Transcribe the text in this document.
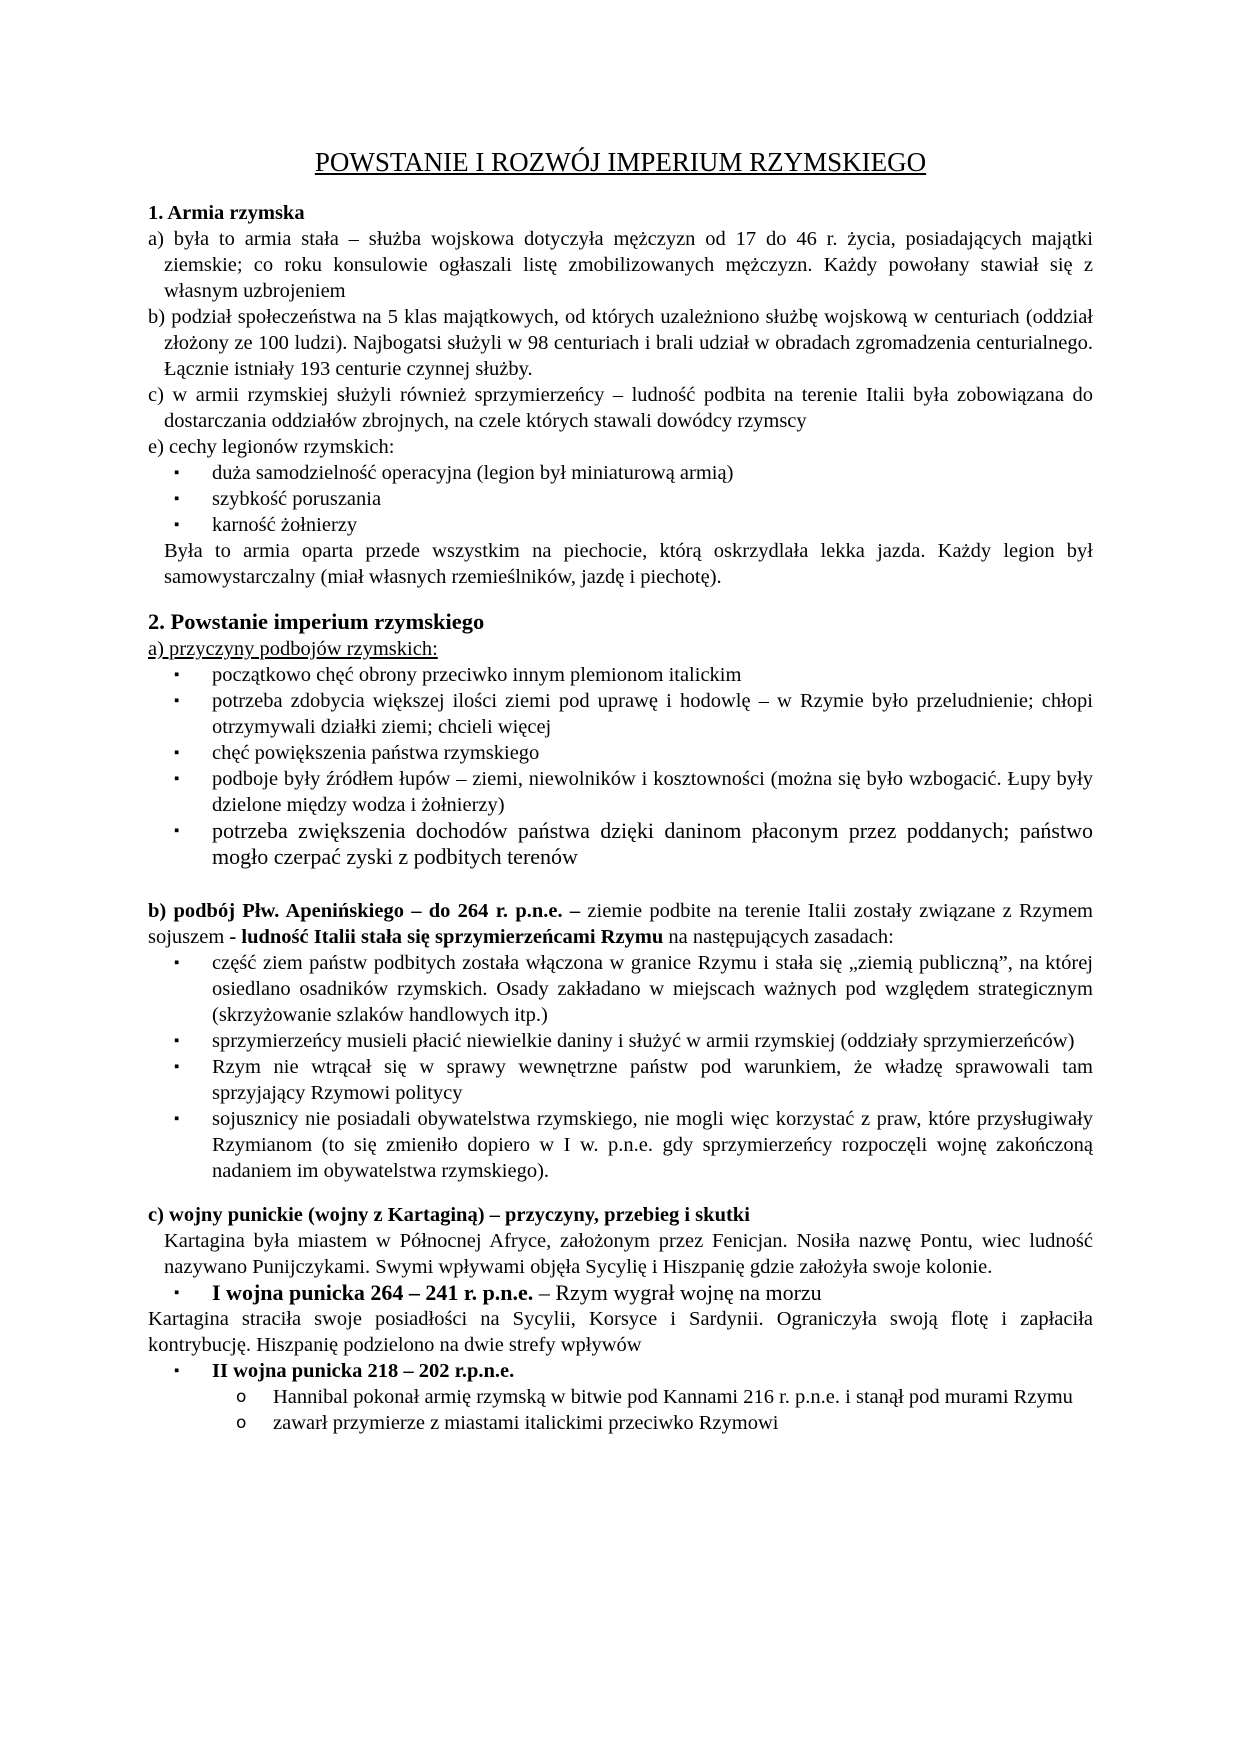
POWSTANIE I ROZWÓJ IMPERIUM RZYMSKIEGO

1. Armia rzymska

a) była to armia stała – służba wojskowa dotyczyła mężczyzn od 17 do 46 r. życia, posiadających majątki ziemskie; co roku konsulowie ogłaszali listę zmobilizowanych mężczyzn. Każdy powołany stawiał się z własnym uzbrojeniem

b) podział społeczeństwa na 5 klas majątkowych, od których uzależniono służbę wojskową w centuriach (oddział złożony ze 100 ludzi). Najbogatsi służyli w 98 centuriach i brali udział w obradach zgromadzenia centurialnego. Łącznie istniały 193 centurie czynnej służby.

c) w armii rzymskiej służyli również sprzymierzeńcy – ludność podbita na terenie Italii była zobowiązana do dostarczania oddziałów zbrojnych, na czele których stawali dowódcy rzymscy

e) cechy legionów rzymskich:

▪ duża samodzielność operacyjna (legion był miniaturową armią)
▪ szybkość poruszania
▪ karność żołnierzy

Była to armia oparta przede wszystkim na piechocie, którą oskrzydlała lekka jazda. Każdy legion był samowystarczalny (miał własnych rzemieślników, jazdę i piechotę).

2. Powstanie imperium rzymskiego

a) przyczyny podbojów rzymskich:

▪ początkowo chęć obrony przeciwko innym plemionom italickim
▪ potrzeba zdobycia większej ilości ziemi pod uprawę i hodowlę – w Rzymie było przeludnienie; chłopi otrzymywali działki ziemi; chcieli więcej
▪ chęć powiększenia państwa rzymskiego
▪ podboje były źródłem łupów – ziemi, niewolników i kosztowności (można się było wzbogacić. Łupy były dzielone między wodza i żołnierzy)
▪ potrzeba zwiększenia dochodów państwa dzięki daninom płaconym przez poddanych; państwo mogło czerpać zyski z podbitych terenów

b) podbój Płw. Apenińskiego – do 264 r. p.n.e. – ziemie podbite na terenie Italii zostały związane z Rzymem sojuszem - ludność Italii stała się sprzymierzeńcami Rzymu na następujących zasadach:

▪ część ziem państw podbitych została włączona w granice Rzymu i stała się „ziemią publiczną”, na której osiedlano osadników rzymskich. Osady zakładano w miejscach ważnych pod względem strategicznym (skrzyżowanie szlaków handlowych itp.)
▪ sprzymierzeńcy musieli płacić niewielkie daniny i służyć w armii rzymskiej (oddziały sprzymierzeńców)
▪ Rzym nie wtrącał się w sprawy wewnętrzne państw pod warunkiem, że władzę sprawowali tam sprzyjający Rzymowi politycy
▪ sojusznicy nie posiadali obywatelstwa rzymskiego, nie mogli więc korzystać z praw, które przysługiwały Rzymianom (to się zmieniło dopiero w I w. p.n.e. gdy sprzymierzeńcy rozpoczęli wojnę zakończoną nadaniem im obywatelstwa rzymskiego).

c) wojny punickie (wojny z Kartaginą) – przyczyny, przebieg i skutki

Kartagina była miastem w Północnej Afryce, założonym przez Fenicjan. Nosiła nazwę Pontu, wiec ludność nazywano Punijczykami. Swymi wpływami objęła Sycylię i Hiszpanię gdzie założyła swoje kolonie.

▪ I wojna punicka 264 – 241 r. p.n.e. – Rzym wygrał wojnę na morzu

Kartagina straciła swoje posiadłości na Sycylii, Korsyce i Sardynii. Ograniczyła swoją flotę i zapłaciła kontrybucję. Hiszpanię podzielono na dwie strefy wpływów

▪ II wojna punicka 218 – 202 r.p.n.e.
o Hannibal pokonał armię rzymską w bitwie pod Kannami 216 r. p.n.e. i stanął pod murami Rzymu
o zawarł przymierze z miastami italickimi przeciwko Rzymowi
